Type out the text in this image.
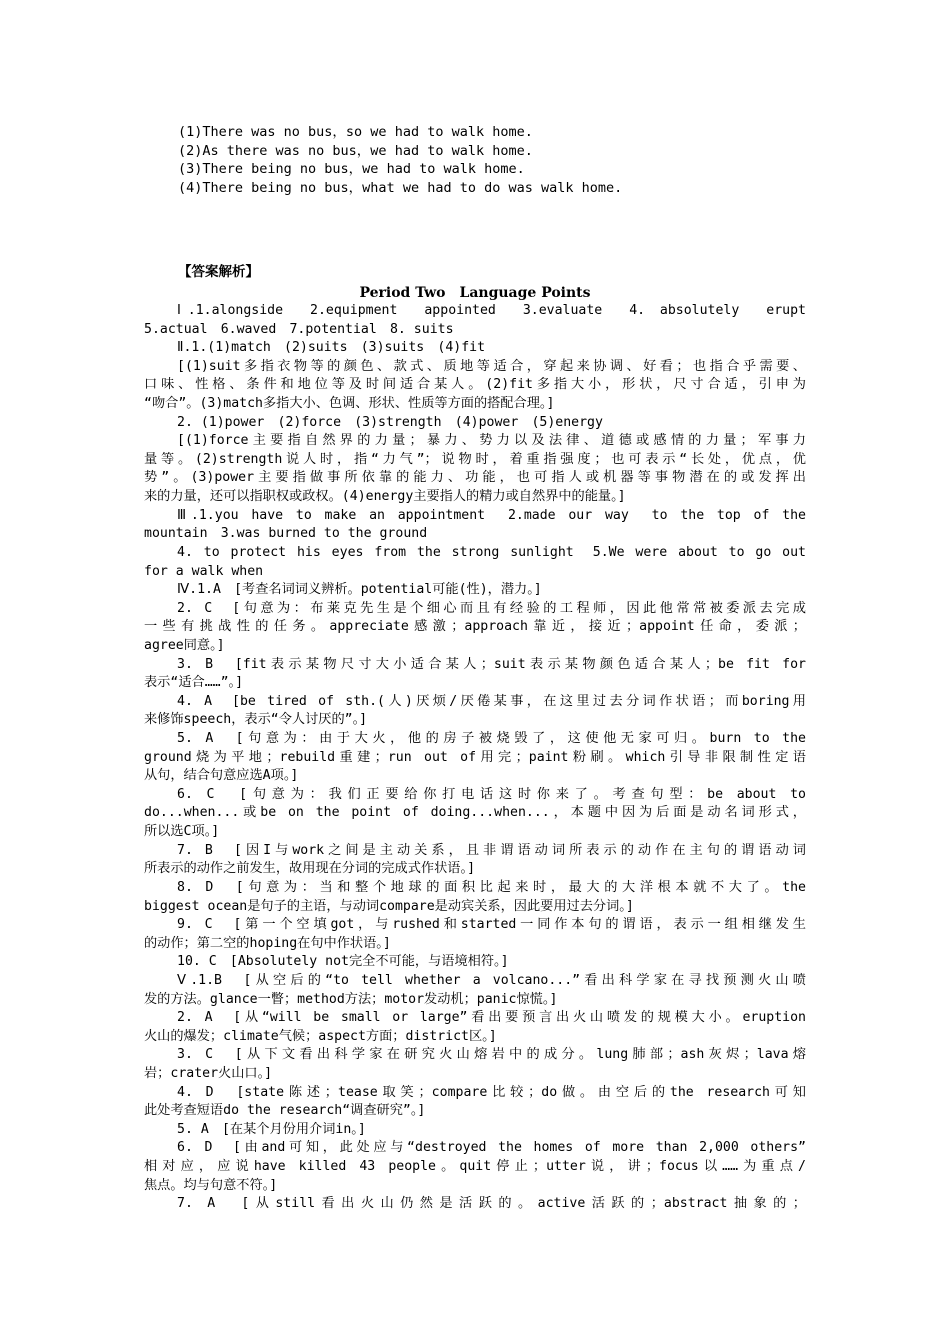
(1)There was no bus，so we had to walk home.
(2)As there was no bus，we had to walk home.
(3)There being no bus，we had to walk home.
(4)There being no bus，what we had to do was walk home.
【答案解析】
Period Two　Language Points
Ⅰ.1.alongside　2.equipment　appointed　3.evaluate　4. absolutely　erupt
5.actual　6.waved　7.potential　8. suits
Ⅱ.1.(1)match　(2)suits　(3)suits　(4)fit
[(1)suit多指衣物等的颜色、款式、质地等适合，穿起来协调、好看；也指合乎需要、
口味、性格、条件和地位等及时间适合某人。(2)fit多指大小，形状，尺寸合适，引申为
“吻合”。(3)match多指大小、色调、形状、性质等方面的搭配合理。]
2. (1)power　(2)force　(3)strength　(4)power　(5)energy
[(1)force主要指自然界的力量；暴力、势力以及法律、道德或感情的力量；军事力
量等。(2)strength说人时，指“力气”；说物时，着重指强度；也可表示“长处，优点，优
势”。(3)power主要指做事所依靠的能力、功能，也可指人或机器等事物潜在的或发挥出
来的力量，还可以指职权或政权。(4)energy主要指人的精力或自然界中的能量。]
Ⅲ.1.you have to make an appointment　2.made our way　to the top of the
mountain　3.was burned to the ground
4. to protect his eyes from the strong sunlight　5.We were about to go out
for a walk when
Ⅳ.1.A　[考查名词词义辨析。potential可能(性)，潜力。]
2. C　[句意为：布莱克先生是个细心而且有经验的工程师，因此他常常被委派去完成
一些有挑战性的任务。appreciate感激；approach靠近，接近；appoint任命，委派；
agree同意。]
3. B　[fit表示某物尺寸大小适合某人；suit表示某物颜色适合某人；be fit for
表示“适合……”。]
4. A　[be tired of sth.(人)厌烦/厌倦某事，在这里过去分词作状语；而boring用
来修饰speech，表示“令人讨厌的”。]
5. A　[句意为：由于大火，他的房子被烧毁了，这使他无家可归。burn to the
ground烧为平地；rebuild重建；run out of用完；paint粉刷。which引导非限制性定语
从句，结合句意应选A项。]
6. C　[句意为：我们正要给你打电话这时你来了。考查句型：be about to
do...when...或be on the point of doing...when...，本题中因为后面是动名词形式，
所以选C项。]
7. B　[因I与work之间是主动关系，且非谓语动词所表示的动作在主句的谓语动词
所表示的动作之前发生，故用现在分词的完成式作状语。]
8. D　[句意为：当和整个地球的面积比起来时，最大的大洋根本就不大了。the
biggest ocean是句子的主语，与动词compare是动宾关系，因此要用过去分词。]
9. C　[第一个空填got，与rushed和started一同作本句的谓语，表示一组相继发生
的动作；第二空的hoping在句中作状语。]
10. C　[Absolutely not完全不可能，与语境相符。]
Ⅴ.1.B　[从空后的“to tell whether a volcano...”看出科学家在寻找预测火山喷
发的方法。glance一瞥；method方法；motor发动机；panic惊慌。]
2. A　[从“will be small or large”看出要预言出火山喷发的规模大小。eruption
火山的爆发；climate气候；aspect方面；district区。]
3. C　[从下文看出科学家在研究火山熔岩中的成分。lung肺部；ash灰烬；lava熔
岩；crater火山口。]
4. D　[state陈述；tease取笑；compare比较；do做。由空后的the research可知
此处考查短语do the research“调查研究”。]
5. A　[在某个月份用介词in。]
6. D　[由and可知，此处应与“destroyed the homes of more than 2,000 others”
相对应，应说have killed 43 people。quit停止；utter说，讲；focus以……为重点/
焦点。均与句意不符。]
7. A　[从still看出火山仍然是活跃的。active活跃的；abstract抽象的；
